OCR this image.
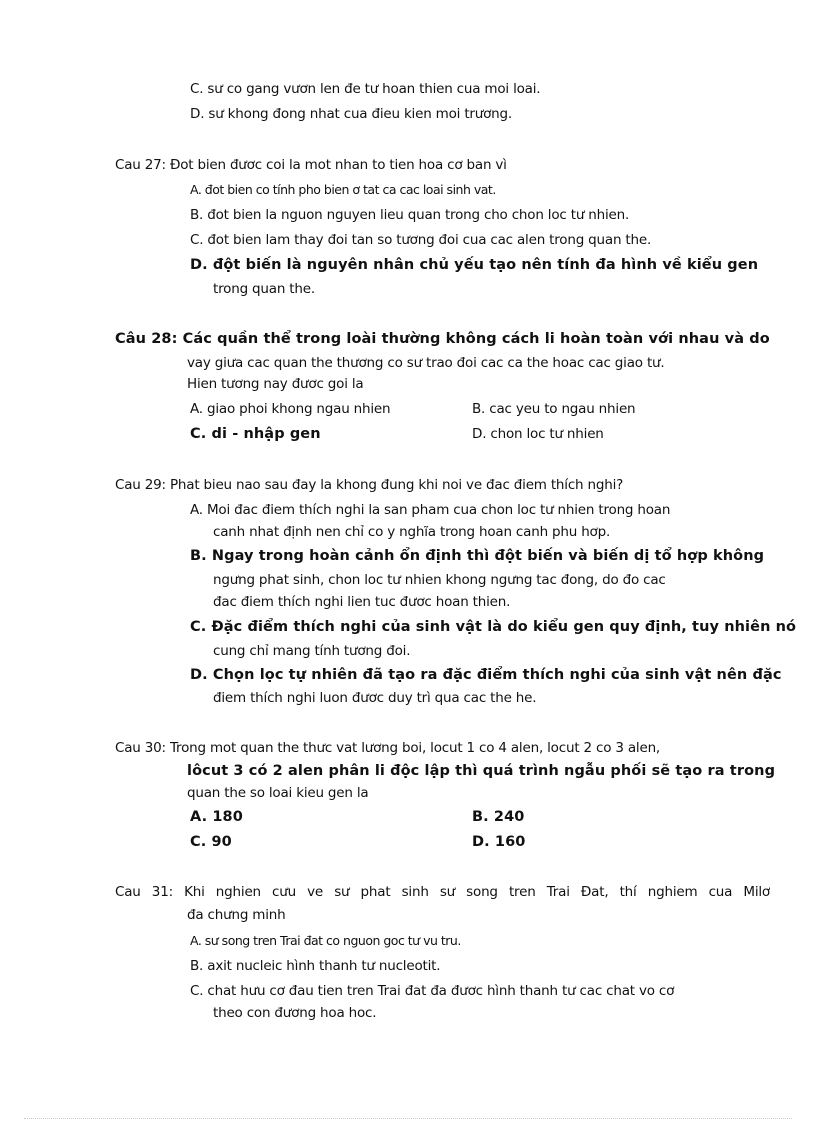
C. sư co gang vươn len đe tư hoan thien cua moi loai.
D. sư khong đong nhat cua đieu kien moi trương.
Cau 27: Đot bien đươc coi la mot nhan to tien hoa cơ ban vì
A. đot bien co tính pho bien ơ tat ca cac loai sinh vat.
B. đot bien la nguon nguyen lieu quan trong cho chon loc tư nhien.
C. đot bien lam thay đoi tan so tương đoi cua cac alen trong quan the.
D. đột biến là nguyên nhân chủ yếu tạo nên tính đa hình về kiểu gen
trong quan the.
Câu 28: Các quần thể trong loài thường không cách li hoàn toàn với nhau và do
vay giưa cac quan the thương co sư trao đoi cac ca the hoac cac giao tư.
Hien tương nay đươc goi la
A. giao phoi khong ngau nhien	B. cac yeu to ngau nhien
C. di - nhập gen	D. chon loc tư nhien
Cau 29: Phat bieu nao sau đay la khong đung khi noi ve đac điem thích nghi?
A. Moi đac điem thích nghi la san pham cua chon loc tư nhien trong hoan
canh nhat định nen chỉ co y nghĩa trong hoan canh phu hơp.
B. Ngay trong hoàn cảnh ổn định thì đột biến và biến dị tổ hợp không
ngưng phat sinh, chon loc tư nhien khong ngưng tac đong, do đo cac
đac điem thích nghi lien tuc đươc hoan thien.
C. Đặc điểm thích nghi của sinh vật là do kiểu gen quy định, tuy nhiên nó
cung chỉ mang tính tương đoi.
D. Chọn lọc tự nhiên đã tạo ra đặc điểm thích nghi của sinh vật nên đặc
điem thích nghi luon đươc duy trì qua cac the he.
Cau 30: Trong mot quan the thưc vat lương boi, locut 1 co 4 alen, locut 2 co 3 alen,
lôcut 3 có 2 alen phân li độc lập thì quá trình ngẫu phối sẽ tạo ra trong
quan the so loai kieu gen la
A. 180	B. 240
C. 90	D. 160
Cau 31: Khi nghien cưu ve sư phat sinh sư song tren Trai Đat, thí nghiem cua Milơ
đa chưng minh
A. sư song tren Trai đat co nguon goc tư vu tru.
B. axit nucleic hình thanh tư nucleotit.
C. chat hưu cơ đau tien tren Trai đat đa đươc hình thanh tư cac chat vo cơ
theo con đương hoa hoc.
